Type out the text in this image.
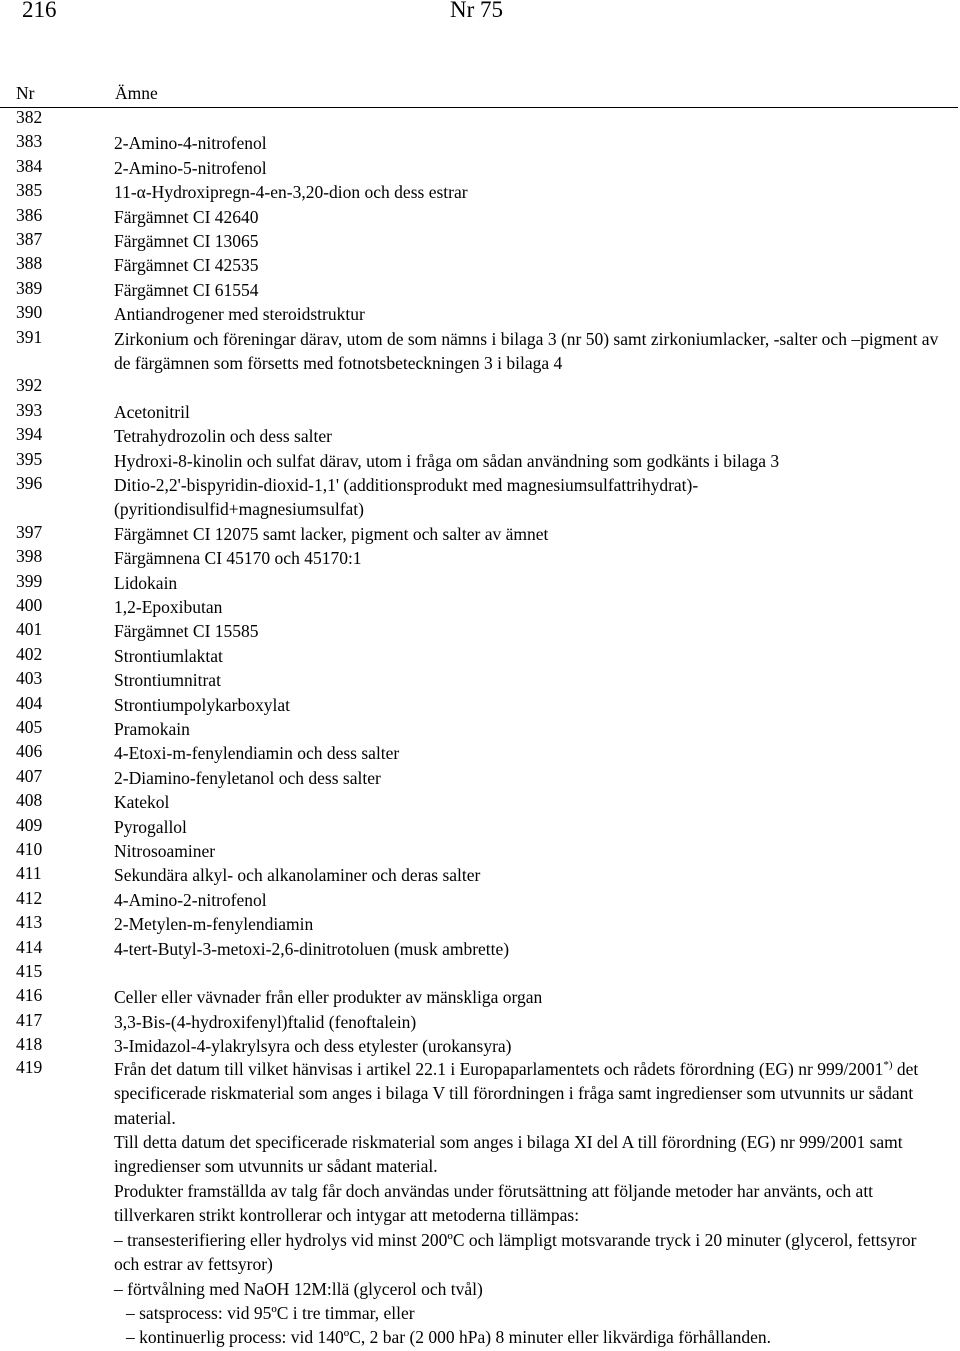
216	Nr 75
Nr	Ämne
382
383	2-Amino-4-nitrofenol
384	2-Amino-5-nitrofenol
385	11-α-Hydroxipregn-4-en-3,20-dion och dess estrar
386	Färgämnet CI 42640
387	Färgämnet CI 13065
388	Färgämnet CI 42535
389	Färgämnet CI 61554
390	Antiandrogener med steroidstruktur
391	Zirkonium och föreningar därav, utom de som nämns i bilaga 3 (nr 50) samt zirkoniumlacker, -salter och –pigment av de färgämnen som försetts med fotnotsbeteckningen 3 i bilaga 4
392
393	Acetonitril
394	Tetrahydrozolin och dess salter
395	Hydroxi-8-kinolin och sulfat därav, utom i fråga om sådan användning som godkänts i bilaga 3
396	Ditio-2,2'-bispyridin-dioxid-1,1' (additionsprodukt med magnesiumsulfattrihydrat)- (pyritiondisulfid+magnesiumsulfat)
397	Färgämnet CI 12075 samt lacker, pigment och salter av ämnet
398	Färgämnena CI 45170 och 45170:1
399	Lidokain
400	1,2-Epoxibutan
401	Färgämnet CI 15585
402	Strontiumlaktat
403	Strontiumnitrat
404	Strontiumpolykarboxylat
405	Pramokain
406	4-Etoxi-m-fenylendiamin och dess salter
407	2-Diamino-fenyletanol och dess salter
408	Katekol
409	Pyrogallol
410	Nitrosoaminer
411	Sekundära alkyl- och alkanolaminer och deras salter
412	4-Amino-2-nitrofenol
413	2-Metylen-m-fenylendiamin
414	4-tert-Butyl-3-metoxi-2,6-dinitrotoluen (musk ambrette)
415
416	Celler eller vävnader från eller produkter av mänskliga organ
417	3,3-Bis-(4-hydroxifenyl)ftalid (fenoftalein)
418	3-Imidazol-4-ylakrylsyra och dess etylester (urokansyra)
419	Från det datum till vilket hänvisas i artikel 22.1 i Europaparlamentets och rådets förordning (EG) nr 999/2001*) det specificerade riskmaterial som anges i bilaga V till förordningen i fråga samt ingredienser som utvunnits ur sådant material.
Till detta datum det specificerade riskmaterial som anges i bilaga XI del A till förordning (EG) nr 999/2001 samt ingredienser som utvunnits ur sådant material.
Produkter framställda av talg får doch användas under förutsättning att följande metoder har använts, och att tillverkaren strikt kontrollerar och intygar att metoderna tillämpas:
– transesterifiering eller hydrolys vid minst 200ºC och lämpligt motsvarande tryck i 20 minuter (glycerol, fettsyror och estrar av fettsyror)
– förtvålning med NaOH 12M:llä (glycerol och tvål)
– satsprocess: vid 95ºC i tre timmar, eller
– kontinuerlig process: vid 140ºC, 2 bar (2 000 hPa) 8 minuter eller likvärdiga förhållanden.
